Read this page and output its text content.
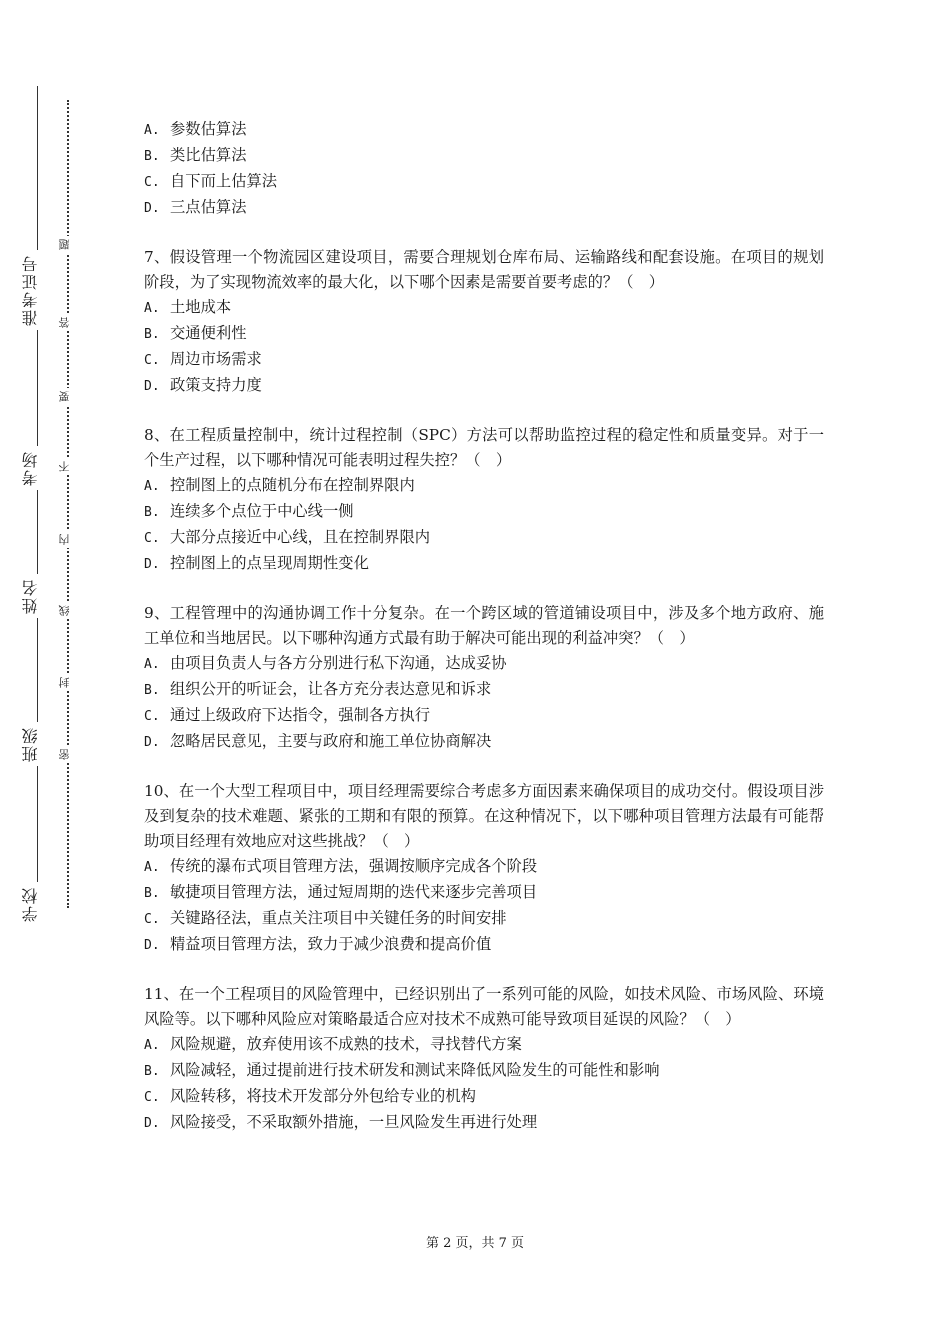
准考证号
考场
姓名
班级
学校
题
答
要
不
内
线
封
密
A. 参数估算法
B. 类比估算法
C. 自下而上估算法
D. 三点估算法
7、假设管理一个物流园区建设项目，需要合理规划仓库布局、运输路线和配套设施。在项目的规划阶段，为了实现物流效率的最大化，以下哪个因素是需要首要考虑的？（　）
A. 土地成本
B. 交通便利性
C. 周边市场需求
D. 政策支持力度
8、在工程质量控制中，统计过程控制（SPC）方法可以帮助监控过程的稳定性和质量变异。对于一个生产过程，以下哪种情况可能表明过程失控？（　）
A. 控制图上的点随机分布在控制界限内
B. 连续多个点位于中心线一侧
C. 大部分点接近中心线，且在控制界限内
D. 控制图上的点呈现周期性变化
9、工程管理中的沟通协调工作十分复杂。在一个跨区域的管道铺设项目中，涉及多个地方政府、施工单位和当地居民。以下哪种沟通方式最有助于解决可能出现的利益冲突？（　）
A. 由项目负责人与各方分别进行私下沟通，达成妥协
B. 组织公开的听证会，让各方充分表达意见和诉求
C. 通过上级政府下达指令，强制各方执行
D. 忽略居民意见，主要与政府和施工单位协商解决
10、在一个大型工程项目中，项目经理需要综合考虑多方面因素来确保项目的成功交付。假设项目涉及到复杂的技术难题、紧张的工期和有限的预算。在这种情况下，以下哪种项目管理方法最有可能帮助项目经理有效地应对这些挑战？（　）
A. 传统的瀑布式项目管理方法，强调按顺序完成各个阶段
B. 敏捷项目管理方法，通过短周期的迭代来逐步完善项目
C. 关键路径法，重点关注项目中关键任务的时间安排
D. 精益项目管理方法，致力于减少浪费和提高价值
11、在一个工程项目的风险管理中，已经识别出了一系列可能的风险，如技术风险、市场风险、环境风险等。以下哪种风险应对策略最适合应对技术不成熟可能导致项目延误的风险？（　）
A. 风险规避，放弃使用该不成熟的技术，寻找替代方案
B. 风险减轻，通过提前进行技术研发和测试来降低风险发生的可能性和影响
C. 风险转移，将技术开发部分外包给专业的机构
D. 风险接受，不采取额外措施，一旦风险发生再进行处理
第 2 页，共 7 页
